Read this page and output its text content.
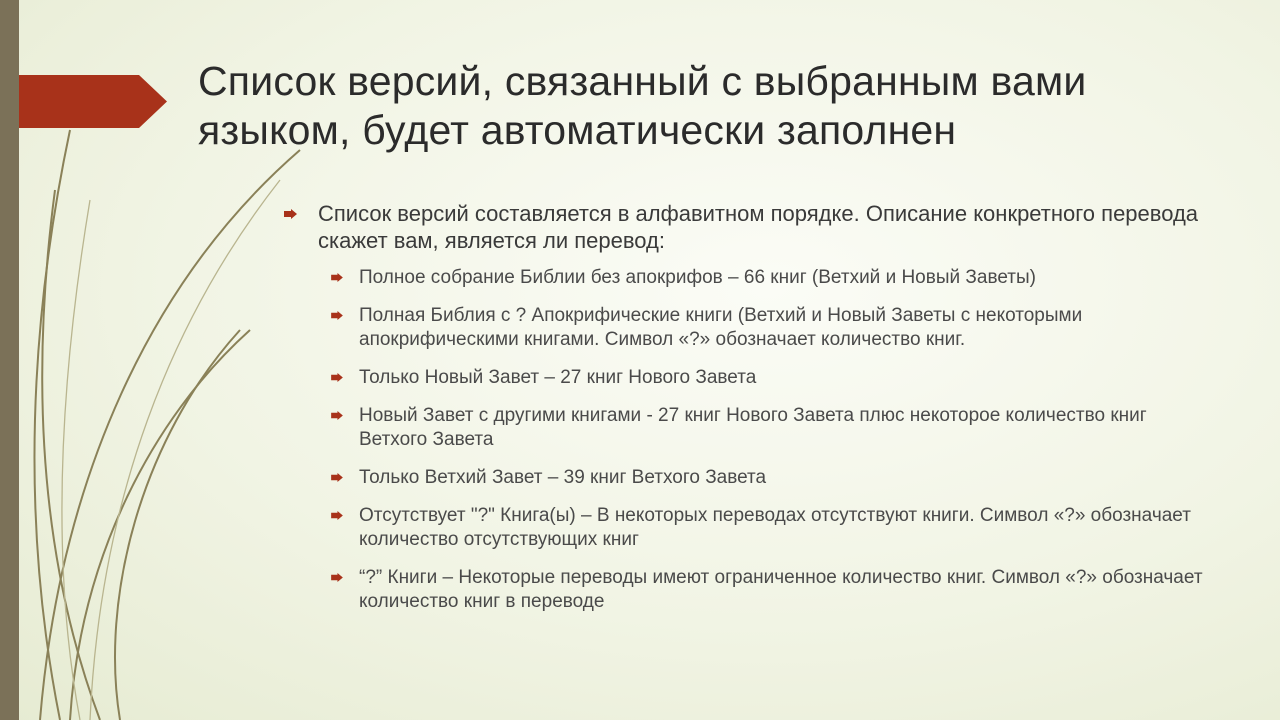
Список версий, связанный с выбранным вами языком, будет автоматически заполнен
Список версий составляется в алфавитном порядке. Описание конкретного перевода скажет вам, является ли перевод:
Полное собрание Библии без апокрифов – 66 книг (Ветхий и Новый Заветы)
Полная Библия с ? Апокрифические книги (Ветхий и Новый Заветы с некоторыми апокрифическими книгами. Символ «?» обозначает количество книг.
Только Новый Завет – 27 книг Нового Завета
Новый Завет с другими книгами - 27 книг Нового Завета плюс некоторое количество книг Ветхого Завета
Только Ветхий Завет – 39 книг Ветхого Завета
Отсутствует "?" Книга(ы) – В некоторых переводах отсутствуют книги. Символ «?» обозначает количество отсутствующих книг
“?” Книги – Некоторые переводы имеют ограниченное количество книг. Символ «?» обозначает количество книг в переводе
